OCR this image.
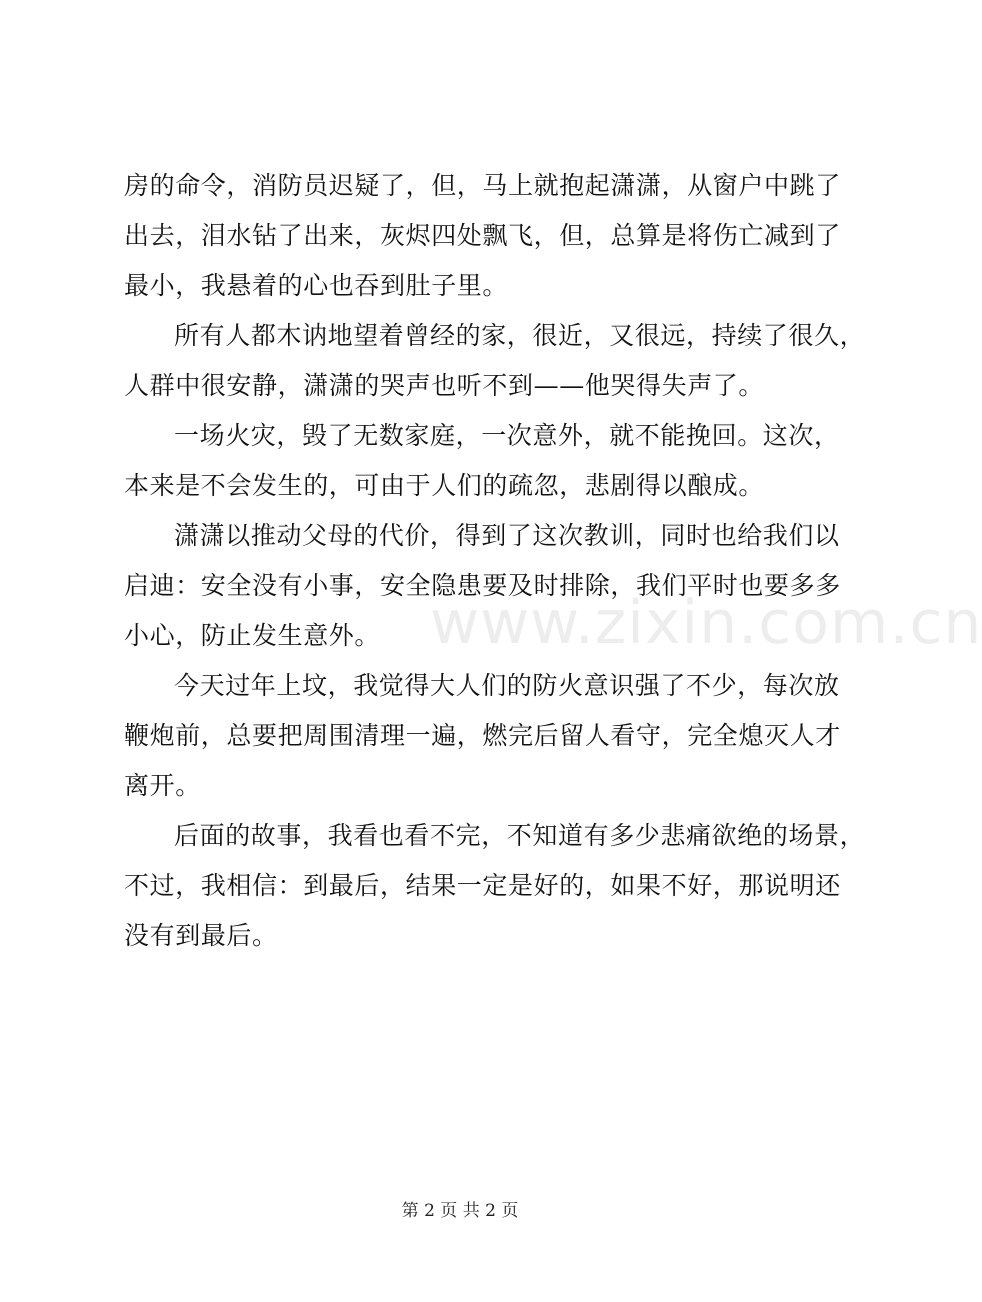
房的命令，消防员迟疑了，但，马上就抱起潇潇，从窗户中跳了
出去，泪水钻了出来，灰烬四处飘飞，但，总算是将伤亡减到了
最小，我悬着的心也吞到肚子里。
所有人都木讷地望着曾经的家，很近，又很远，持续了很久，
人群中很安静，潇潇的哭声也听不到——他哭得失声了。
一场火灾，毁了无数家庭，一次意外，就不能挽回。这次，
本来是不会发生的，可由于人们的疏忽，悲剧得以酿成。
潇潇以推动父母的代价，得到了这次教训，同时也给我们以
启迪：安全没有小事，安全隐患要及时排除，我们平时也要多多
小心，防止发生意外。
今天过年上坟，我觉得大人们的防火意识强了不少，每次放
鞭炮前，总要把周围清理一遍，燃完后留人看守，完全熄灭人才
离开。
后面的故事，我看也看不完，不知道有多少悲痛欲绝的场景，
不过，我相信：到最后，结果一定是好的，如果不好，那说明还
没有到最后。
www.zixin.com.cn
第 2 页 共 2 页
